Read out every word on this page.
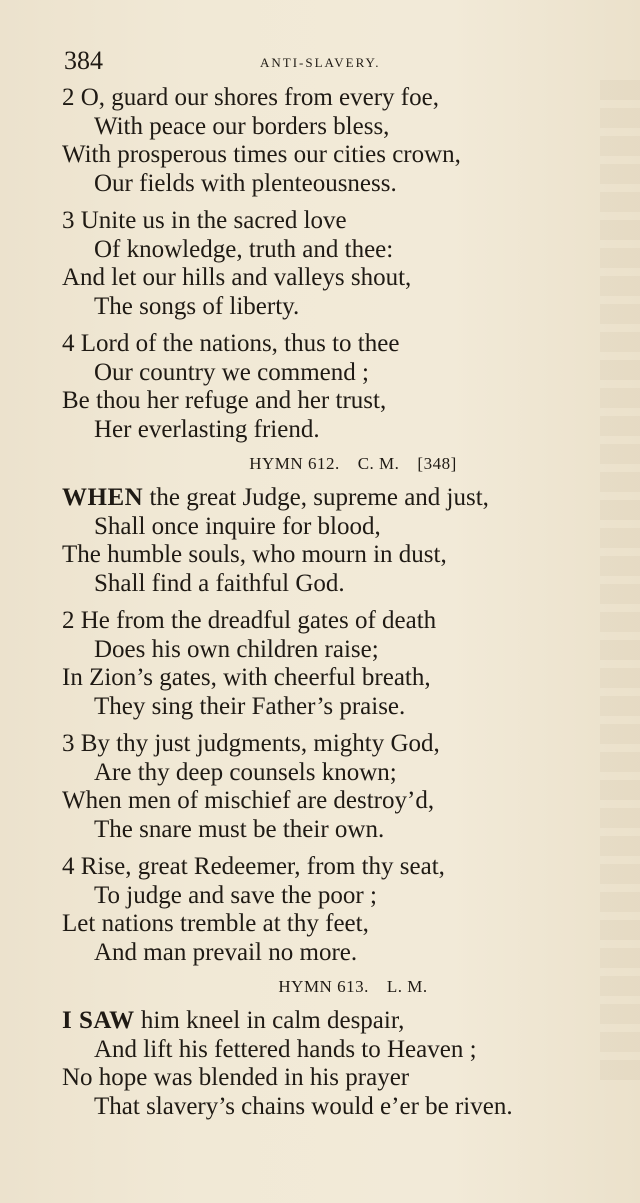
384	ANTI-SLAVERY.
2 O, guard our shores from every foe,
With peace our borders bless,
With prosperous times our cities crown,
Our fields with plenteousness.
3 Unite us in the sacred love
Of knowledge, truth and thee:
And let our hills and valleys shout,
The songs of liberty.
4 Lord of the nations, thus to thee
Our country we commend ;
Be thou her refuge and her trust,
Her everlasting friend.
HYMN 612. C. M. [348]
WHEN the great Judge, supreme and just,
Shall once inquire for blood,
The humble souls, who mourn in dust,
Shall find a faithful God.
2 He from the dreadful gates of death
Does his own children raise;
In Zion’s gates, with cheerful breath,
They sing their Father’s praise.
3 By thy just judgments, mighty God,
Are thy deep counsels known;
When men of mischief are destroy’d,
The snare must be their own.
4 Rise, great Redeemer, from thy seat,
To judge and save the poor ;
Let nations tremble at thy feet,
And man prevail no more.
HYMN 613. L. M.
I SAW him kneel in calm despair,
And lift his fettered hands to Heaven ;
No hope was blended in his prayer
That slavery’s chains would e’er be riven.
